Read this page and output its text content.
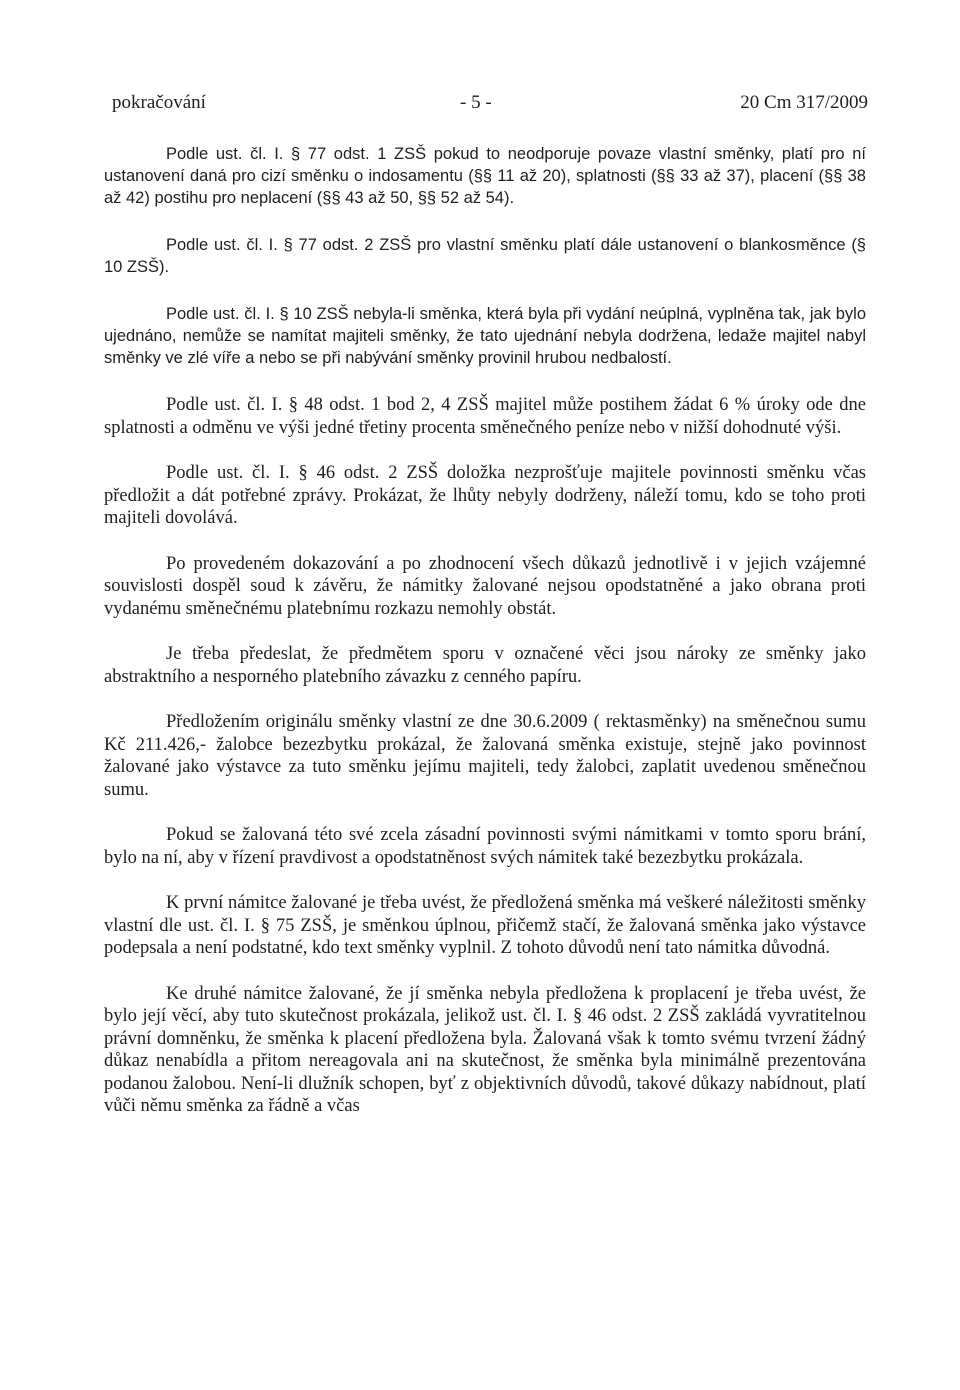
pokračování	- 5 -	20 Cm 317/2009

Podle ust. čl. I. § 77 odst. 1 ZSŠ pokud to neodporuje povaze vlastní směnky, platí pro ní ustanovení daná pro cizí směnku o indosamentu (§§ 11 až 20), splatnosti (§§ 33 až 37), placení (§§ 38 až 42) postihu pro neplacení (§§ 43 až 50, §§ 52 až 54).

Podle ust. čl. I. § 77 odst. 2 ZSŠ pro vlastní směnku platí dále ustanovení o blankosměnce (§ 10 ZSŠ).

Podle ust. čl. I. § 10 ZSŠ nebyla-li směnka, která byla při vydání neúplná, vyplněna tak, jak bylo ujednáno, nemůže se namítat majiteli směnky, že tato ujednání nebyla dodržena, ledaže majitel nabyl směnky ve zlé víře a nebo se při nabývání směnky provinil hrubou nedbalostí.

Podle ust. čl. I. § 48 odst. 1 bod 2, 4 ZSŠ majitel může postihem žádat 6 % úroky ode dne splatnosti a odměnu ve výši jedné třetiny procenta směnečného peníze nebo v nižší dohodnuté výši.

Podle ust. čl. I. § 46 odst. 2 ZSŠ doložka nezprošťuje majitele povinnosti směnku včas předložit a dát potřebné zprávy. Prokázat, že lhůty nebyly dodrženy, náleží tomu, kdo se toho proti majiteli dovolává.

Po provedeném dokazování a po zhodnocení všech důkazů jednotlivě i v jejich vzájemné souvislosti dospěl soud k závěru, že námitky žalované nejsou opodstatněné a jako obrana proti vydanému směnečnému platebnímu rozkazu nemohly obstát.

Je třeba předeslat, že předmětem sporu v označené věci jsou nároky ze směnky jako abstraktního a nesporného platebního závazku z cenného papíru.

Předložením originálu směnky vlastní ze dne 30.6.2009 ( rektasměnky) na směnečnou sumu Kč 211.426,- žalobce bezezbytku prokázal, že žalovaná směnka existuje, stejně jako povinnost žalované jako výstavce za tuto směnku jejímu majiteli, tedy žalobci, zaplatit uvedenou směnečnou sumu.

Pokud se žalovaná této své zcela zásadní povinnosti svými námitkami v tomto sporu brání, bylo na ní, aby v řízení pravdivost a opodstatněnost svých námitek také bezezbytku prokázala.

K první námitce žalované je třeba uvést, že předložená směnka má veškeré náležitosti směnky vlastní dle ust. čl. I. § 75 ZSŠ, je směnkou úplnou, přičemž stačí, že žalovaná směnka jako výstavce podepsala a není podstatné, kdo text směnky vyplnil. Z tohoto důvodů není tato námitka důvodná.

Ke druhé námitce žalované, že jí směnka nebyla předložena k proplacení je třeba uvést, že bylo její věcí, aby tuto skutečnost prokázala, jelikož ust. čl. I. § 46 odst. 2 ZSŠ zakládá vyvratitelnou právní domněnku, že směnka k placení předložena byla. Žalovaná však k tomto svému tvrzení žádný důkaz nenabídla a přitom nereagovala ani na skutečnost, že směnka byla minimálně prezentována podanou žalobou. Není-li dlužník schopen, byť z objektivních důvodů, takové důkazy nabídnout, platí vůči němu směnka za řádně a včas
